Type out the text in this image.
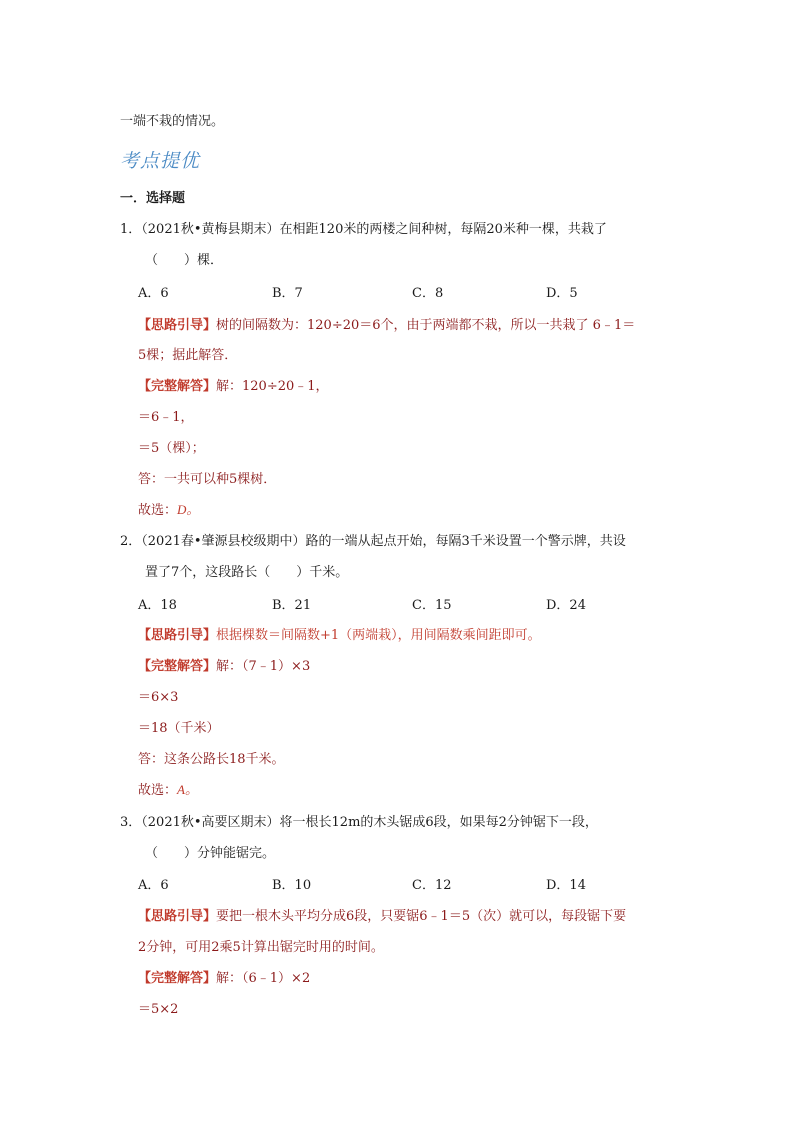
一端不栽的情况。
考点提优
一．选择题
1．（2021秋•黄梅县期末）在相距120米的两楼之间种树，每隔20米种一棵，共栽了
（　　）棵．
A．6	B．7	C．8	D．5
【思路引导】树的间隔数为：120÷20＝6个，由于两端都不栽，所以一共栽了 6﹣1＝
5棵；据此解答．
【完整解答】解：120÷20﹣1，
＝6﹣1，
＝5（棵）；
答：一共可以种5棵树．
故选：D。
2．（2021春•肇源县校级期中）路的一端从起点开始，每隔3千米设置一个警示牌，共设
置了7个，这段路长（　　）千米。
A．18	B．21	C．15	D．24
【思路引导】根据棵数＝间隔数+1（两端栽），用间隔数乘间距即可。
【完整解答】解：（7﹣1）×3
＝6×3
＝18（千米）
答：这条公路长18千米。
故选：A。
3．（2021秋•高要区期末）将一根长12m的木头锯成6段，如果每2分钟锯下一段，
（　　）分钟能锯完。
A．6	B．10	C．12	D．14
【思路引导】要把一根木头平均分成6段，只要锯6﹣1＝5（次）就可以，每段锯下要
2分钟，可用2乘5计算出锯完时用的时间。
【完整解答】解：（6﹣1）×2
＝5×2
